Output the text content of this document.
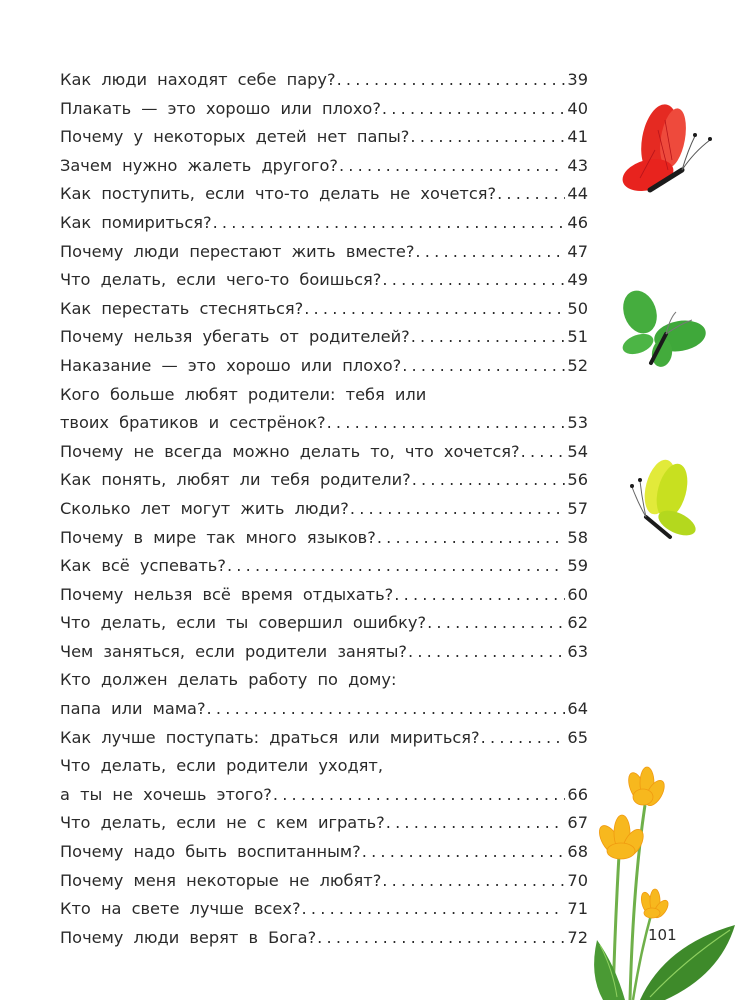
Как люди находят себе пару? .....	39
Плакать — это хорошо или плохо? .....	40
Почему у некоторых детей нет папы? .....	41
Зачем нужно жалеть другого? .....	43
Как поступить, если что-то делать не хочется? .....	44
Как помириться? .....	46
Почему люди перестают жить вместе? .....	47
Что делать, если чего-то боишься? .....	49
Как перестать стесняться? .....	50
Почему нельзя убегать от родителей? .....	51
Наказание — это хорошо или плохо? .....	52
Кого больше любят родители: тебя или
твоих братиков и сестрёнок? .....	53
Почему не всегда можно делать то, что хочется? .....	54
Как понять, любят ли тебя родители? .....	56
Сколько лет могут жить люди? .....	57
Почему в мире так много языков? .....	58
Как всё успевать? .....	59
Почему нельзя всё время отдыхать? .....	60
Что делать, если ты совершил ошибку? .....	62
Чем заняться, если родители заняты? .....	63
Кто должен делать работу по дому:
папа или мама? .....	64
Как лучше поступать: драться или мириться? .....	65
Что делать, если родители уходят,
а ты не хочешь этого? .....	66
Что делать, если не с кем играть? .....	67
Почему надо быть воспитанным? .....	68
Почему меня некоторые не любят? .....	70
Кто на свете лучше всех? .....	71
Почему люди верят в Бога? .....	72	101
